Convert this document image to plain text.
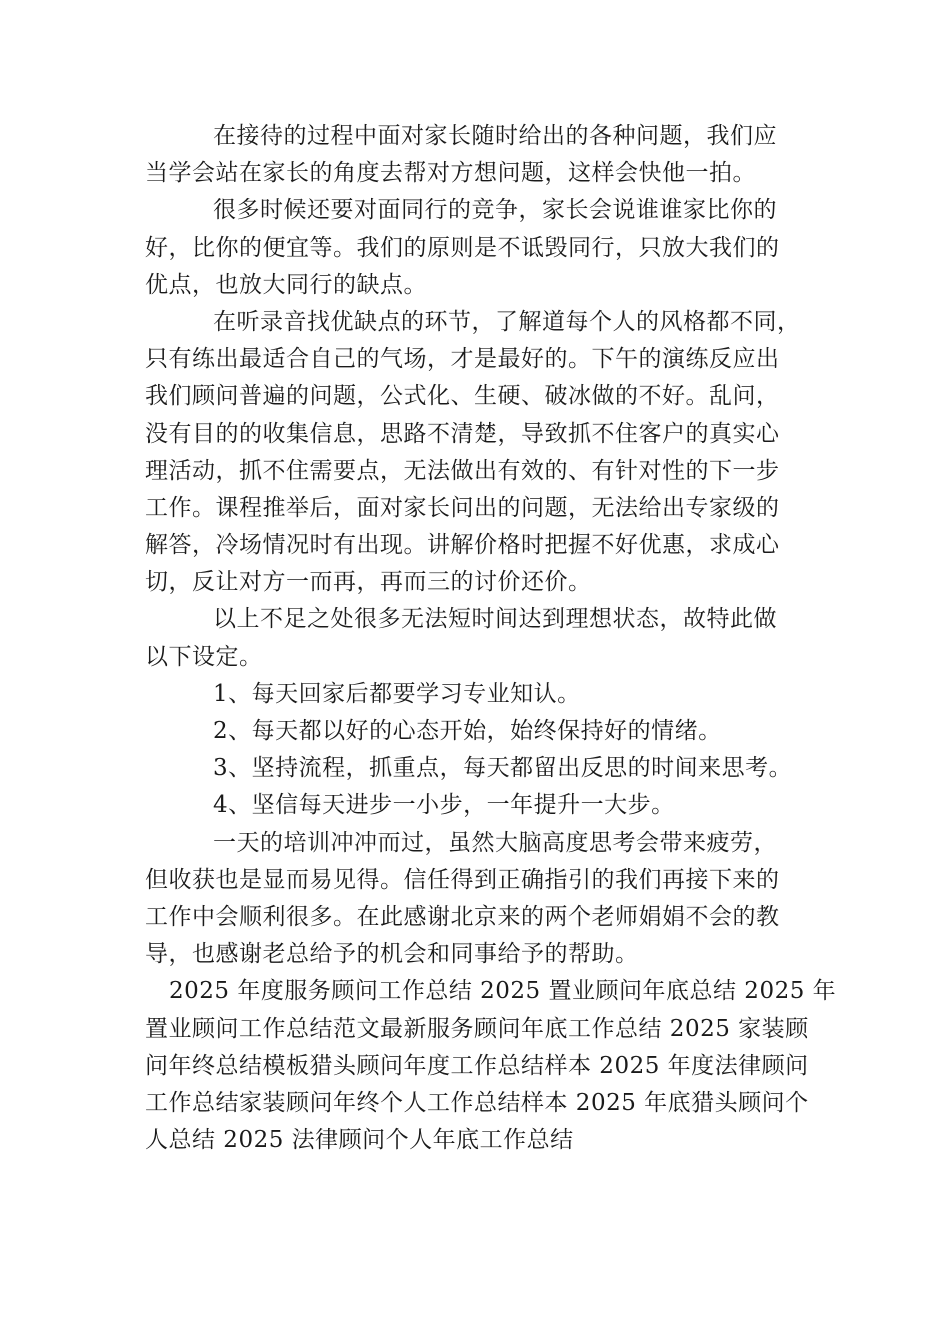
在接待的过程中面对家长随时给出的各种问题，我们应
当学会站在家长的角度去帮对方想问题，这样会快他一拍。
很多时候还要对面同行的竞争，家长会说谁谁家比你的
好，比你的便宜等。我们的原则是不诋毁同行，只放大我们的
优点，也放大同行的缺点。
在听录音找优缺点的环节，了解道每个人的风格都不同，
只有练出最适合自己的气场，才是最好的。下午的演练反应出
我们顾问普遍的问题，公式化、生硬、破冰做的不好。乱问，
没有目的的收集信息，思路不清楚，导致抓不住客户的真实心
理活动，抓不住需要点，无法做出有效的、有针对性的下一步
工作。课程推举后，面对家长问出的问题，无法给出专家级的
解答，冷场情况时有出现。讲解价格时把握不好优惠，求成心
切，反让对方一而再，再而三的讨价还价。
以上不足之处很多无法短时间达到理想状态，故特此做
以下设定。
1、每天回家后都要学习专业知认。
2、每天都以好的心态开始，始终保持好的情绪。
3、坚持流程，抓重点，每天都留出反思的时间来思考。
4、坚信每天进步一小步，一年提升一大步。
一天的培训冲冲而过，虽然大脑高度思考会带来疲劳，
但收获也是显而易见得。信任得到正确指引的我们再接下来的
工作中会顺利很多。在此感谢北京来的两个老师娟娟不会的教
导，也感谢老总给予的机会和同事给予的帮助。
2025 年度服务顾问工作总结 2025 置业顾问年底总结 2025 年
置业顾问工作总结范文最新服务顾问年底工作总结 2025 家装顾
问年终总结模板猎头顾问年度工作总结样本 2025 年度法律顾问
工作总结家装顾问年终个人工作总结样本 2025 年底猎头顾问个
人总结 2025 法律顾问个人年底工作总结
